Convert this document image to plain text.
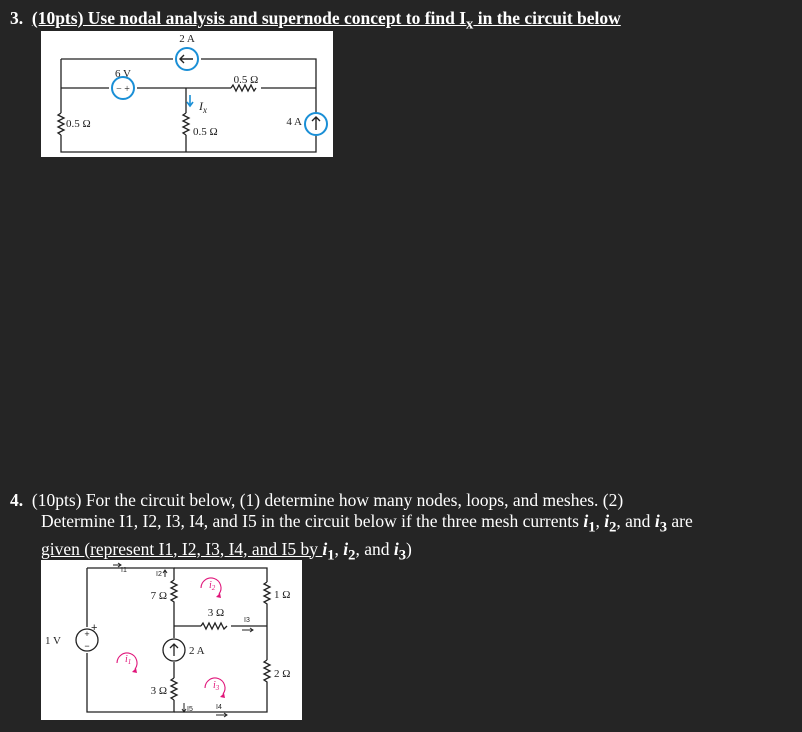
3. (10pts) Use nodal analysis and supernode concept to find $I_x$ in the circuit below
2 A
6 V
− +
$I_x$
0.5 Ω
0.5 Ω
0.5 Ω
4 A
4. (10pts) For the circuit below, (1) determine how many nodes, loops, and meshes. (2)
Determine I1, I2, I3, I4, and I5 in the circuit below if the three mesh currents $i_1$, $i_2$, and $i_3$ are
given (represent I1, I2, I3, I4, and I5 by $i_1$, $i_2$, and $i_3$)
+
−
+
I1
I2
I3
I4
I5
7 Ω
3 Ω
3 Ω
1 Ω
2 Ω
1 V
2 A
$i_1$
$i_2$
$i_3$
